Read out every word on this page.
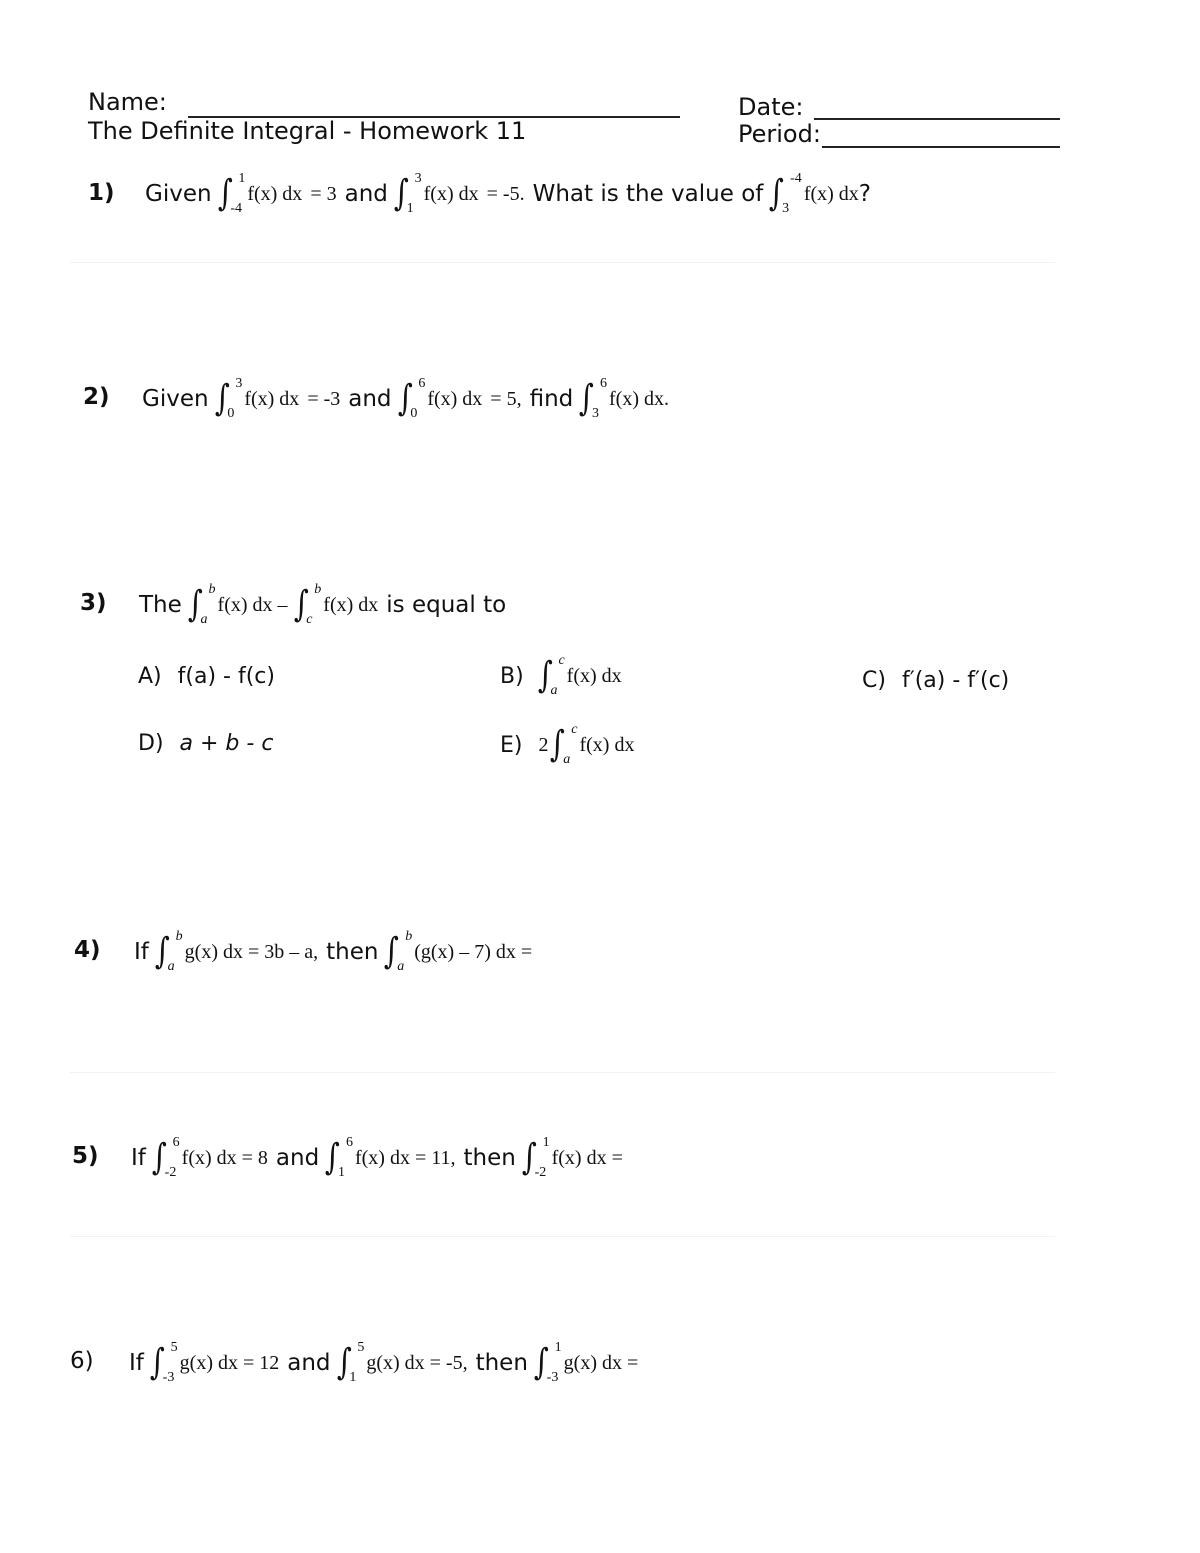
Name:
The Definite Integral - Homework 11
Date:
Period:
1) Given ∫ 1
-4
f(x) dx = 3 and ∫ 3
1
f(x) dx = -5. What is the value of ∫ -4
3
f(x) dx ?
2) Given ∫ 3
0
f(x) dx = -3 and ∫ 6
0
f(x) dx = 5, find ∫ 6
3
f(x) dx.
3) The ∫ b
a
f(x) dx – ∫ b
c
f(x) dx is equal to
A) f(a) - f(c)	B) ∫ c
a
f(x) dx	C) f′(a) - f′(c)
D) a + b - c	E) 2 ∫ c
a
f(x) dx
4) If ∫ b
a
g(x) dx = 3b – a, then ∫ b
a
(g(x) – 7) dx =
5) If ∫ 6
-2
f(x) dx = 8 and ∫ 6
1
f(x) dx = 11, then ∫ 1
-2
f(x) dx =
6) If ∫ 5
-3
g(x) dx = 12 and ∫ 5
1
g(x) dx = -5, then ∫ 1
-3
g(x) dx =
